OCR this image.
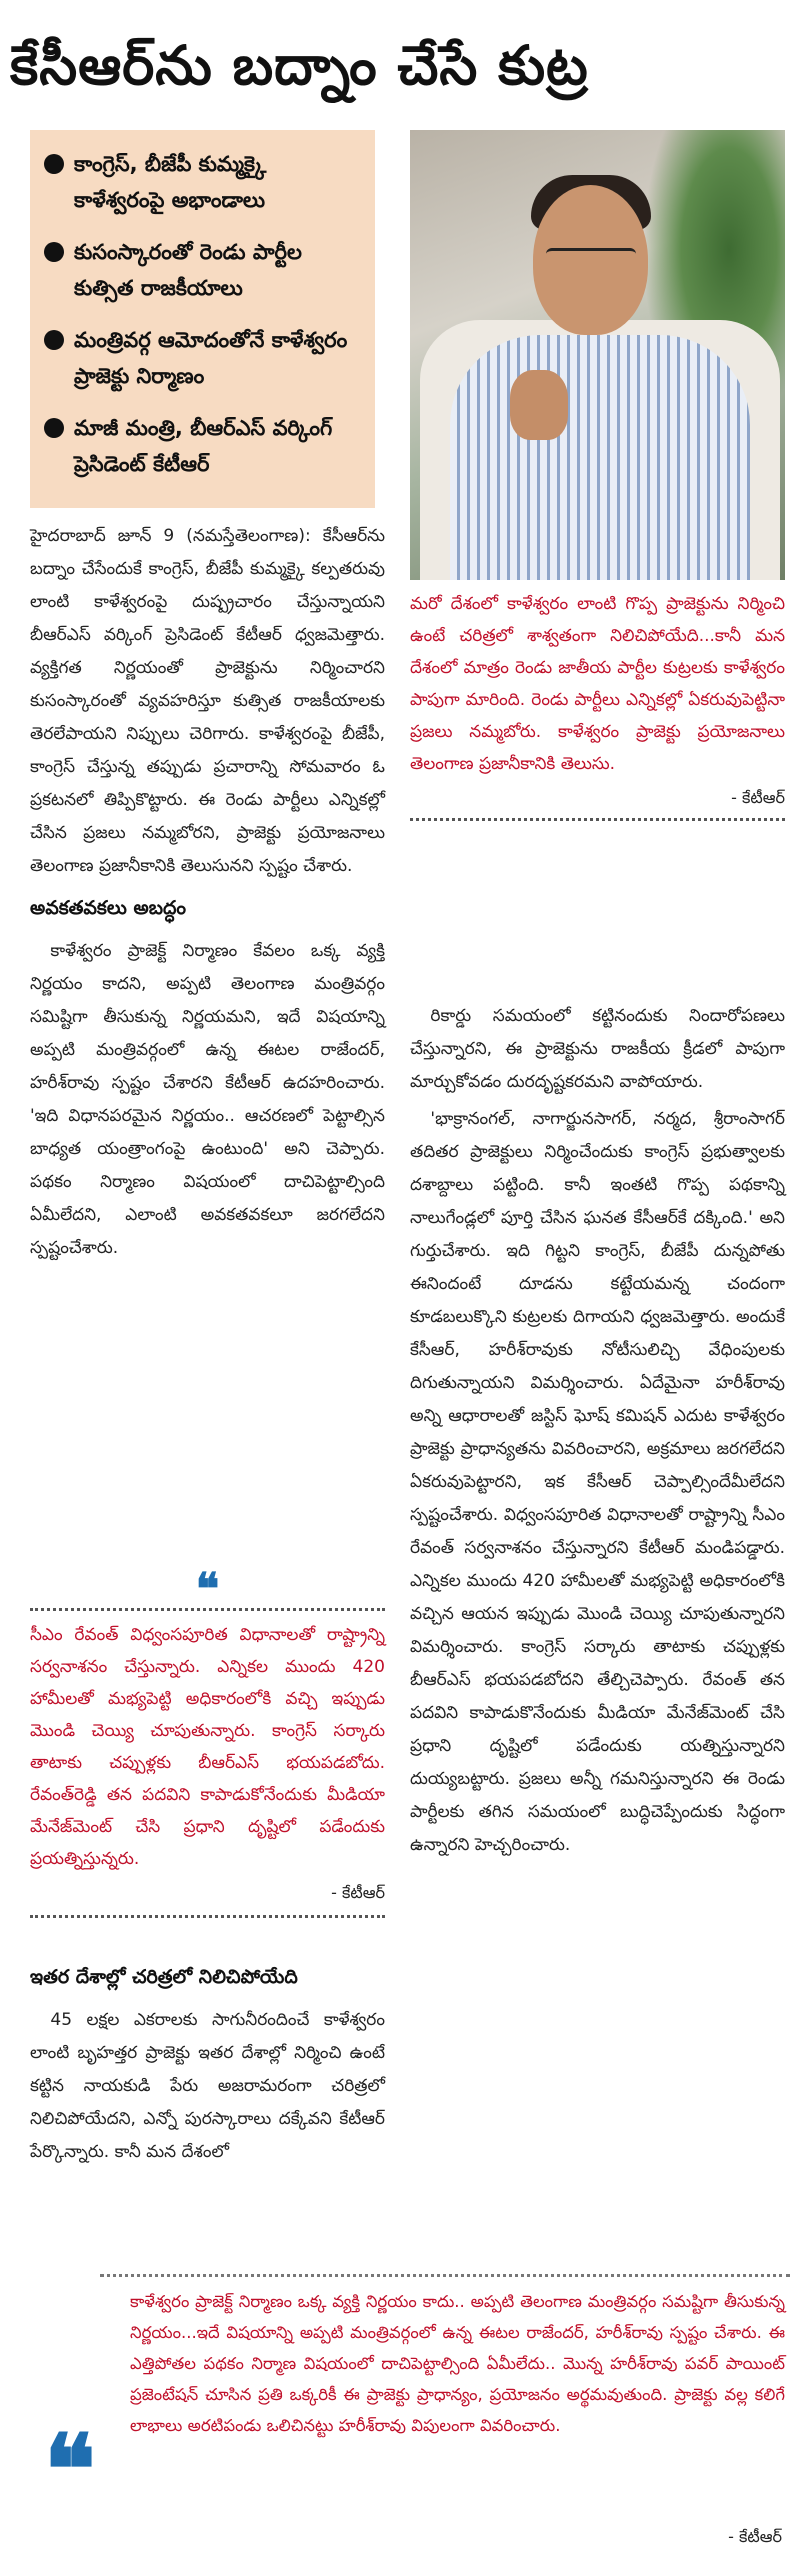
కేసీఆర్‌ను బద్నాం చేసే కుట్ర
కాంగ్రెస్‌, బీజేపీ కుమ్మక్కై కాళేశ్వరంపై అభాండాలు
కుసంస్కారంతో రెండు పార్టీల కుత్సిత రాజకీయాలు
మంత్రివర్గ ఆమోదంతోనే కాళేశ్వరం ప్రాజెక్టు నిర్మాణం
మాజీ మంత్రి, బీఆర్‌ఎస్‌ వర్కింగ్‌ ప్రెసిడెంట్‌ కేటీఆర్‌

హైదరాబాద్‌ జూన్‌ 9 (నమస్తేతెలంగాణ): కేసీఆర్‌ను బద్నాం చేసేందుకే కాంగ్రెస్‌, బీజేపీ కుమ్మక్కై కల్పతరువు లాంటి కాళేశ్వరంపై దుష్ప్రచారం చేస్తున్నాయని బీఆర్‌ఎస్‌ వర్కింగ్‌ ప్రెసిడెంట్‌ కేటీఆర్‌ ధ్వజమెత్తారు. వ్యక్తిగత నిర్ణయంతో ప్రాజెక్టును నిర్మించారని కుసంస్కారంతో వ్యవహరిస్తూ కుత్సిత రాజకీయాలకు తెరలేపాయని నిప్పులు చెరిగారు. కాళేశ్వరంపై బీజేపీ, కాంగ్రెస్‌ చేస్తున్న తప్పుడు ప్రచారాన్ని సోమవారం ఓ ప్రకటనలో తిప్పికొట్టారు. ఈ రెండు పార్టీలు ఎన్నికల్లో చేసిన ప్రజలు నమ్మబోరని, ప్రాజెక్టు ప్రయోజనాలు తెలంగాణ ప్రజానీకానికి తెలుసునని స్పష్టం చేశారు.

అవకతవకలు అబద్ధం

కాళేశ్వరం ప్రాజెక్ట్‌ నిర్మాణం కేవలం ఒక్క వ్యక్తి నిర్ణయం కాదని, అప్పటి తెలంగాణ మంత్రివర్గం సమిష్టిగా తీసుకున్న నిర్ణయమని, ఇదే విషయాన్ని అప్పటి మంత్రివర్గంలో ఉన్న ఈటల రాజేందర్‌, హరీశ్‌రావు స్పష్టం చేశారని కేటీఆర్‌ ఉదహరించారు. 'ఇది విధానపరమైన నిర్ణయం.. ఆచరణలో పెట్టాల్సిన బాధ్యత యంత్రాంగంపై ఉంటుంది' అని చెప్పారు. పథకం నిర్మాణం విషయంలో దాచిపెట్టాల్సింది ఏమీలేదని, ఎలాంటి అవకతవకలూ జరగలేదని స్పష్టంచేశారు.

❝

సీఎం రేవంత్‌ విధ్వంసపూరిత విధానాలతో రాష్ట్రాన్ని సర్వనాశనం చేస్తున్నారు. ఎన్నికల ముందు 420 హామీలతో మభ్యపెట్టి అధికారంలోకి వచ్చి ఇప్పుడు మొండి చెయ్యి చూపుతున్నారు. కాంగ్రెస్‌ సర్కారు తాటాకు చప్పుళ్లకు బీఆర్‌ఎస్‌ భయపడబోదు. రేవంత్‌రెడ్డి తన పదవిని కాపాడుకోనేందుకు మీడియా మేనేజ్‌మెంట్‌ చేసి ప్రధాని దృష్టిలో పడేందుకు ప్రయత్నిస్తున్నరు.

- కేటీఆర్‌
ఇతర దేశాల్లో చరిత్రలో నిలిచిపోయేది

45 లక్షల ఎకరాలకు సాగునీరందించే కాళేశ్వరం లాంటి బృహత్తర ప్రాజెక్టు ఇతర దేశాల్లో నిర్మించి ఉంటే కట్టిన నాయకుడి పేరు అజరామరంగా చరిత్రలో నిలిచిపోయేదని, ఎన్నో పురస్కారాలు దక్కేవని కేటీఆర్‌ పేర్కొన్నారు. కానీ మన దేశంలో

మరో దేశంలో కాళేశ్వరం లాంటి గొప్ప ప్రాజెక్టును నిర్మించి ఉంటే చరిత్రలో శాశ్వతంగా నిలిచిపోయేది...కానీ మన దేశంలో మాత్రం రెండు జాతీయ పార్టీల కుట్రలకు కాళేశ్వరం పాపుగా మారింది. రెండు పార్టీలు ఎన్నికల్లో ఏకరువుపెట్టినా ప్రజలు నమ్మబోరు. కాళేశ్వరం ప్రాజెక్టు ప్రయోజనాలు తెలంగాణ ప్రజానీకానికి తెలుసు.

- కేటీఆర్‌

రికార్డు సమయంలో కట్టినందుకు నిందారోపణలు చేస్తున్నారని, ఈ ప్రాజెక్టును రాజకీయ క్రీడలో పాపుగా మార్చుకోవడం దురదృష్టకరమని వాపోయారు.

'భాక్రానంగల్‌, నాగార్జునసాగర్‌, నర్మద, శ్రీరాంసాగర్‌ తదితర ప్రాజెక్టులు నిర్మించేందుకు కాంగ్రెస్‌ ప్రభుత్వాలకు దశాబ్దాలు పట్టింది. కానీ ఇంతటి గొప్ప పథకాన్ని నాలుగేండ్లలో పూర్తి చేసిన ఘనత కేసీఆర్‌కే దక్కింది.' అని గుర్తుచేశారు. ఇది గిట్టని కాంగ్రెస్‌, బీజేపీ దున్నపోతు ఈనిందంటే దూడను కట్టేయమన్న చందంగా కూడబలుక్కొని కుట్రలకు దిగాయని ధ్వజమెత్తారు. అందుకే కేసీఆర్‌, హరీశ్‌రావుకు నోటీసులిచ్చి వేధింపులకు దిగుతున్నాయని విమర్శించారు. ఏదేమైనా హరీశ్‌రావు అన్ని ఆధారాలతో జస్టిస్‌ ఘోష్‌ కమిషన్‌ ఎదుట కాళేశ్వరం ప్రాజెక్టు ప్రాధాన్యతను వివరించారని, అక్రమాలు జరగలేదని ఏకరువుపెట్టారని, ఇక కేసీఆర్‌ చెప్పాల్సిందేమీలేదని స్పష్టంచేశారు. విధ్వంసపూరిత విధానాలతో రాష్ట్రాన్ని సీఎం రేవంత్‌ సర్వనాశనం చేస్తున్నారని కేటీఆర్‌ మండిపడ్డారు. ఎన్నికల ముందు 420 హామీలతో మభ్యపెట్టి అధికారంలోకి వచ్చిన ఆయన ఇప్పుడు మొండి చెయ్యి చూపుతున్నారని విమర్శించారు. కాంగ్రెస్‌ సర్కారు తాటాకు చప్పుళ్లకు బీఆర్‌ఎస్‌ భయపడబోదని తేల్చిచెప్పారు. రేవంత్‌ తన పదవిని కాపాడుకొనేందుకు మీడియా మేనేజ్‌మెంట్‌ చేసి ప్రధాని దృష్టిలో పడేందుకు యత్నిస్తున్నారని దుయ్యబట్టారు. ప్రజలు అన్నీ గమనిస్తున్నారని ఈ రెండు పార్టీలకు తగిన సమయంలో బుద్ధిచెప్పేందుకు సిద్ధంగా ఉన్నారని హెచ్చరించారు.

❝
కాళేశ్వరం ప్రాజెక్ట్‌ నిర్మాణం ఒక్క వ్యక్తి నిర్ణయం కాదు.. అప్పటి తెలంగాణ మంత్రివర్గం సమష్టిగా తీసుకున్న నిర్ణయం...ఇదే విషయాన్ని అప్పటి మంత్రివర్గంలో ఉన్న ఈటల రాజేందర్‌, హరీశ్‌రావు స్పష్టం చేశారు. ఈ ఎత్తిపోతల పథకం నిర్మాణ విషయంలో దాచిపెట్టాల్సింది ఏమీలేదు.. మొన్న హరీశ్‌రావు పవర్‌ పాయింట్‌ ప్రజెంటేషన్‌ చూసిన ప్రతి ఒక్కరికీ ఈ ప్రాజెక్టు ప్రాధాన్యం, ప్రయోజనం అర్థమవుతుంది. ప్రాజెక్టు వల్ల కలిగే లాభాలు అరటిపండు ఒలిచినట్టు హరీశ్‌రావు విపులంగా వివరించారు.
- కేటీఆర్‌
